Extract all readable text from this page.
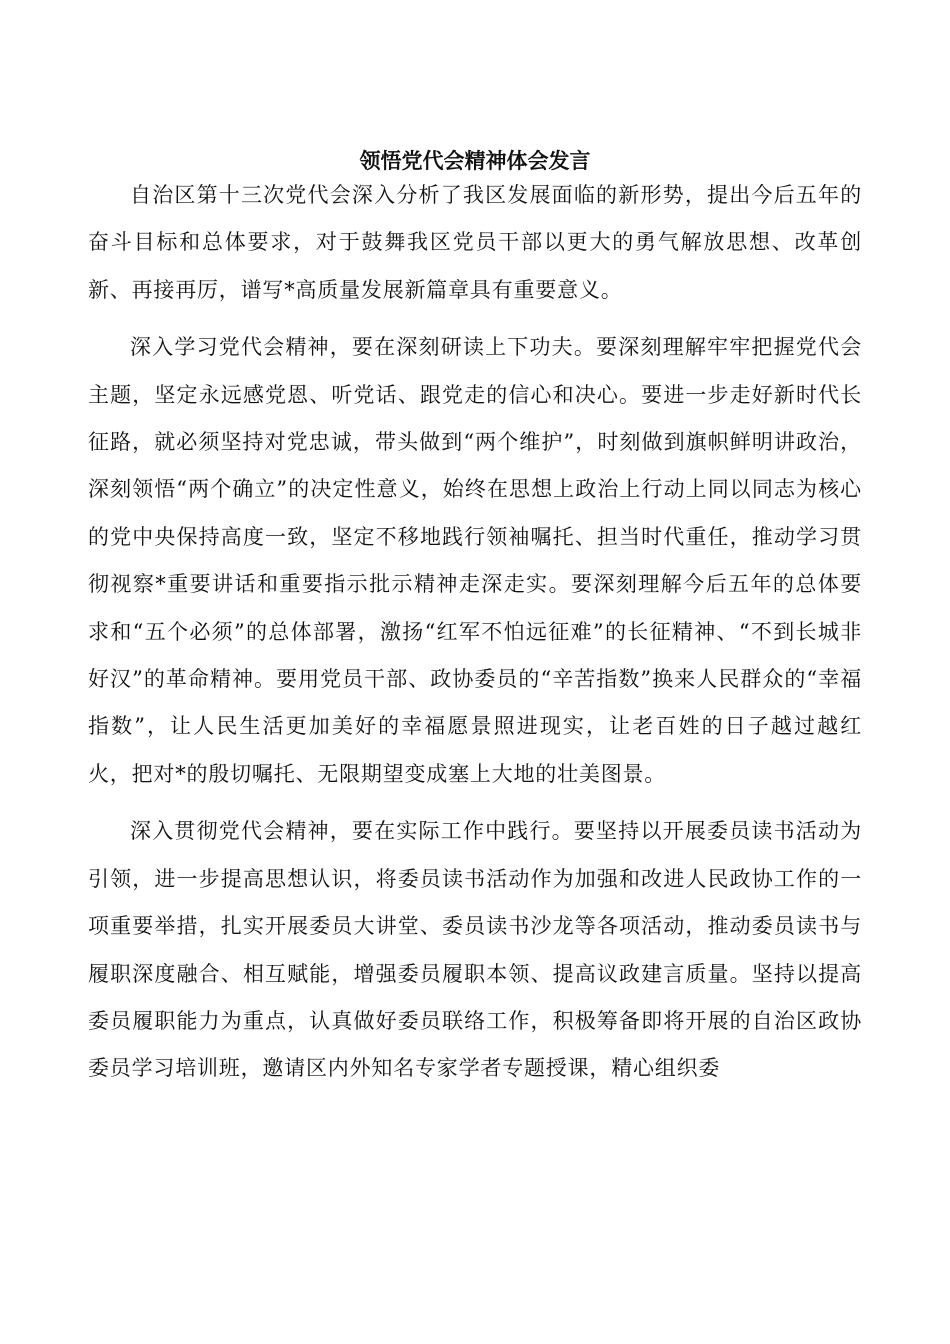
领悟党代会精神体会发言

自治区第十三次党代会深入分析了我区发展面临的新形势，提出今后五年的奋斗目标和总体要求，对于鼓舞我区党员干部以更大的勇气解放思想、改革创新、再接再厉，谱写*高质量发展新篇章具有重要意义。

深入学习党代会精神，要在深刻研读上下功夫。要深刻理解牢牢把握党代会主题，坚定永远感党恩、听党话、跟党走的信心和决心。要进一步走好新时代长征路，就必须坚持对党忠诚，带头做到“两个维护”，时刻做到旗帜鲜明讲政治，深刻领悟“两个确立”的决定性意义，始终在思想上政治上行动上同以同志为核心的党中央保持高度一致，坚定不移地践行领袖嘱托、担当时代重任，推动学习贯彻视察*重要讲话和重要指示批示精神走深走实。要深刻理解今后五年的总体要求和“五个必须”的总体部署，激扬“红军不怕远征难”的长征精神、“不到长城非好汉”的革命精神。要用党员干部、政协委员的“辛苦指数”换来人民群众的“幸福指数”，让人民生活更加美好的幸福愿景照进现实，让老百姓的日子越过越红火，把对*的殷切嘱托、无限期望变成塞上大地的壮美图景。

深入贯彻党代会精神，要在实际工作中践行。要坚持以开展委员读书活动为引领，进一步提高思想认识，将委员读书活动作为加强和改进人民政协工作的一项重要举措，扎实开展委员大讲堂、委员读书沙龙等各项活动，推动委员读书与履职深度融合、相互赋能，增强委员履职本领、提高议政建言质量。坚持以提高委员履职能力为重点，认真做好委员联络工作，积极筹备即将开展的自治区政协委员学习培训班，邀请区内外知名专家学者专题授课，精心组织委
